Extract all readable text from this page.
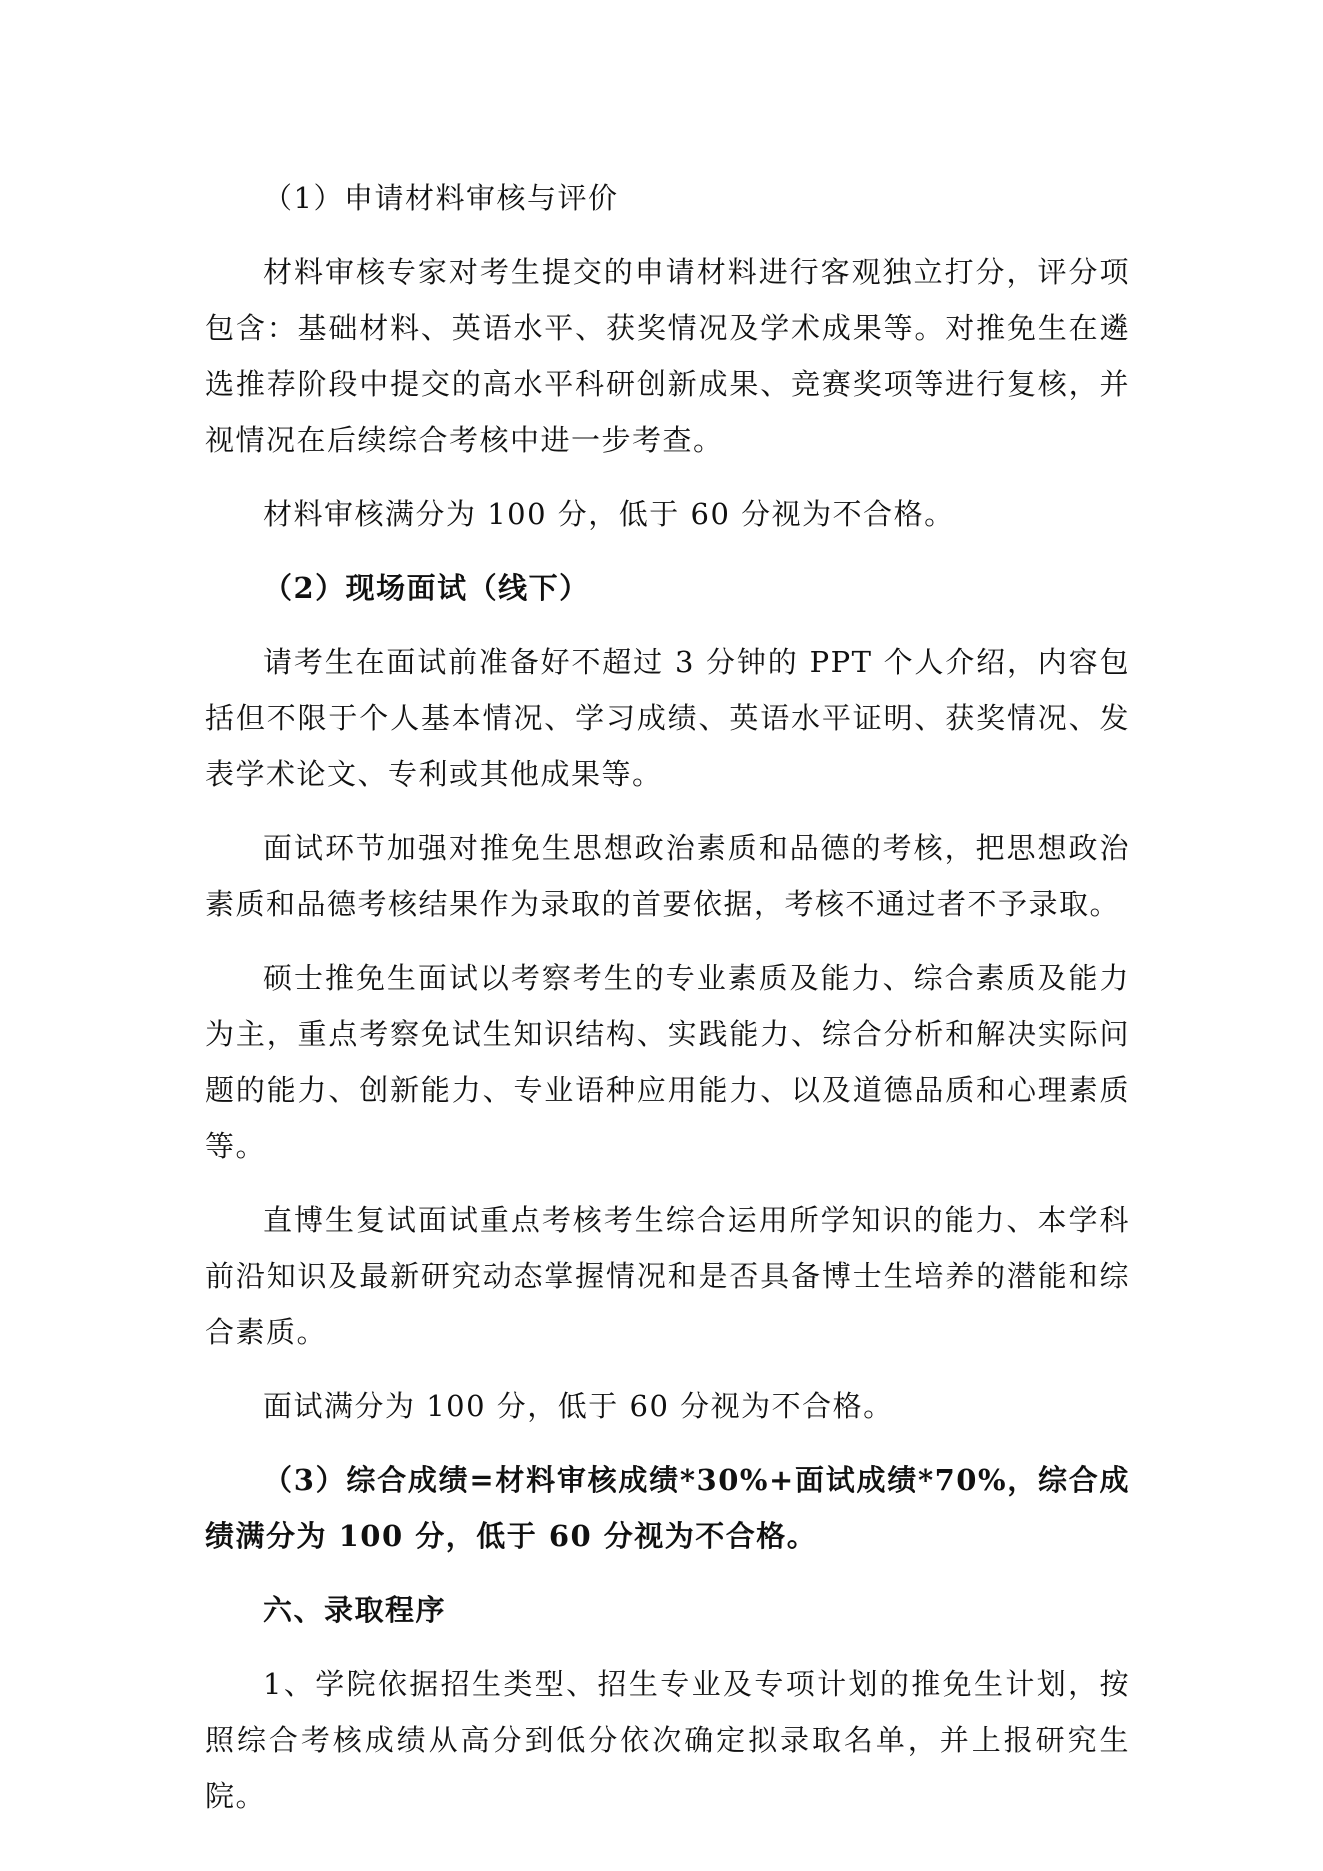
（1）申请材料审核与评价

材料审核专家对考生提交的申请材料进行客观独立打分，评分项包含：基础材料、英语水平、获奖情况及学术成果等。对推免生在遴选推荐阶段中提交的高水平科研创新成果、竞赛奖项等进行复核，并视情况在后续综合考核中进一步考查。

材料审核满分为 100 分，低于 60 分视为不合格。

（2）现场面试（线下）

请考生在面试前准备好不超过 3 分钟的 PPT 个人介绍，内容包括但不限于个人基本情况、学习成绩、英语水平证明、获奖情况、发表学术论文、专利或其他成果等。

面试环节加强对推免生思想政治素质和品德的考核，把思想政治素质和品德考核结果作为录取的首要依据，考核不通过者不予录取。

硕士推免生面试以考察考生的专业素质及能力、综合素质及能力为主，重点考察免试生知识结构、实践能力、综合分析和解决实际问题的能力、创新能力、专业语种应用能力、以及道德品质和心理素质等。

直博生复试面试重点考核考生综合运用所学知识的能力、本学科前沿知识及最新研究动态掌握情况和是否具备博士生培养的潜能和综合素质。

面试满分为 100 分，低于 60 分视为不合格。

（3）综合成绩=材料审核成绩*30%+面试成绩*70%，综合成绩满分为 100 分，低于 60 分视为不合格。

六、录取程序

1、学院依据招生类型、招生专业及专项计划的推免生计划，按照综合考核成绩从高分到低分依次确定拟录取名单，并上报研究生院。
